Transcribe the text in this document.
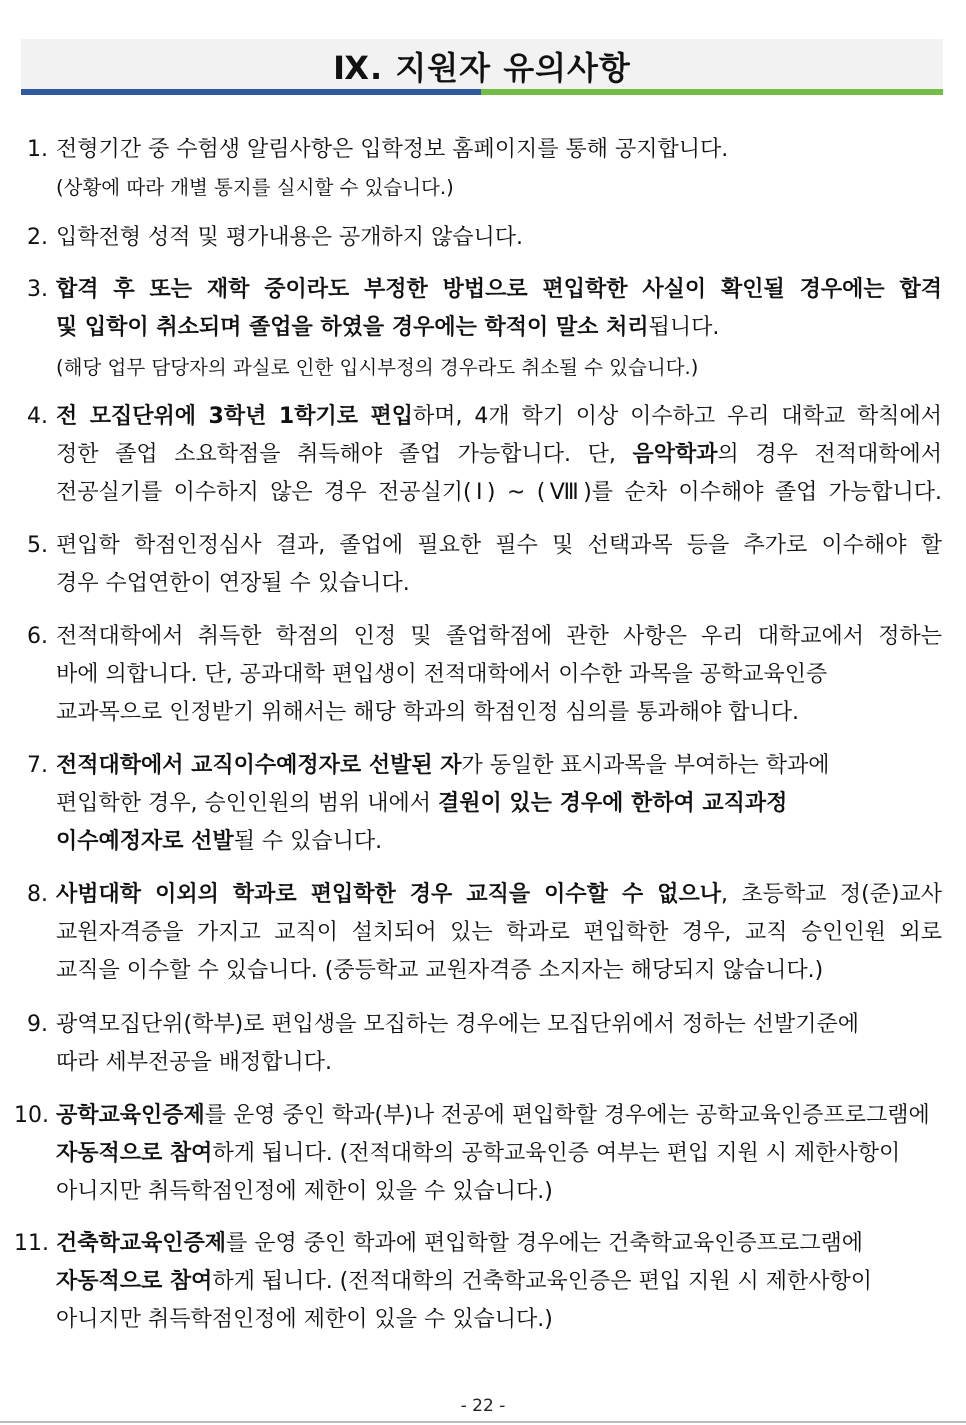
Ⅸ. 지원자 유의사항
1. 전형기간 중 수험생 알림사항은 입학정보 홈페이지를 통해 공지합니다.
(상황에 따라 개별 통지를 실시할 수 있습니다.)
2. 입학전형 성적 및 평가내용은 공개하지 않습니다.
3. 합격 후 또는 재학 중이라도 부정한 방법으로 편입학한 사실이 확인될 경우에는 합격
및 입학이 취소되며 졸업을 하였을 경우에는 학적이 말소 처리됩니다.
(해당 업무 담당자의 과실로 인한 입시부정의 경우라도 취소될 수 있습니다.)
4. 전 모집단위에 3학년 1학기로 편입하며, 4개 학기 이상 이수하고 우리 대학교 학칙에서
정한 졸업 소요학점을 취득해야 졸업 가능합니다. 단, 음악학과의 경우 전적대학에서
전공실기를 이수하지 않은 경우 전공실기(Ⅰ) ~ (Ⅷ)를 순차 이수해야 졸업 가능합니다.
5. 편입학 학점인정심사 결과, 졸업에 필요한 필수 및 선택과목 등을 추가로 이수해야 할
경우 수업연한이 연장될 수 있습니다.
6. 전적대학에서 취득한 학점의 인정 및 졸업학점에 관한 사항은 우리 대학교에서 정하는
바에 의합니다. 단, 공과대학 편입생이 전적대학에서 이수한 과목을 공학교육인증
교과목으로 인정받기 위해서는 해당 학과의 학점인정 심의를 통과해야 합니다.
7. 전적대학에서 교직이수예정자로 선발된 자가 동일한 표시과목을 부여하는 학과에
편입학한 경우, 승인인원의 범위 내에서 결원이 있는 경우에 한하여 교직과정
이수예정자로 선발될 수 있습니다.
8. 사범대학 이외의 학과로 편입학한 경우 교직을 이수할 수 없으나, 초등학교 정(준)교사
교원자격증을 가지고 교직이 설치되어 있는 학과로 편입학한 경우, 교직 승인인원 외로
교직을 이수할 수 있습니다. (중등학교 교원자격증 소지자는 해당되지 않습니다.)
9. 광역모집단위(학부)로 편입생을 모집하는 경우에는 모집단위에서 정하는 선발기준에
따라 세부전공을 배정합니다.
10. 공학교육인증제를 운영 중인 학과(부)나 전공에 편입학할 경우에는 공학교육인증프로그램에
자동적으로 참여하게 됩니다. (전적대학의 공학교육인증 여부는 편입 지원 시 제한사항이
아니지만 취득학점인정에 제한이 있을 수 있습니다.)
11. 건축학교육인증제를 운영 중인 학과에 편입학할 경우에는 건축학교육인증프로그램에
자동적으로 참여하게 됩니다. (전적대학의 건축학교육인증은 편입 지원 시 제한사항이
아니지만 취득학점인정에 제한이 있을 수 있습니다.)
- 22 -
